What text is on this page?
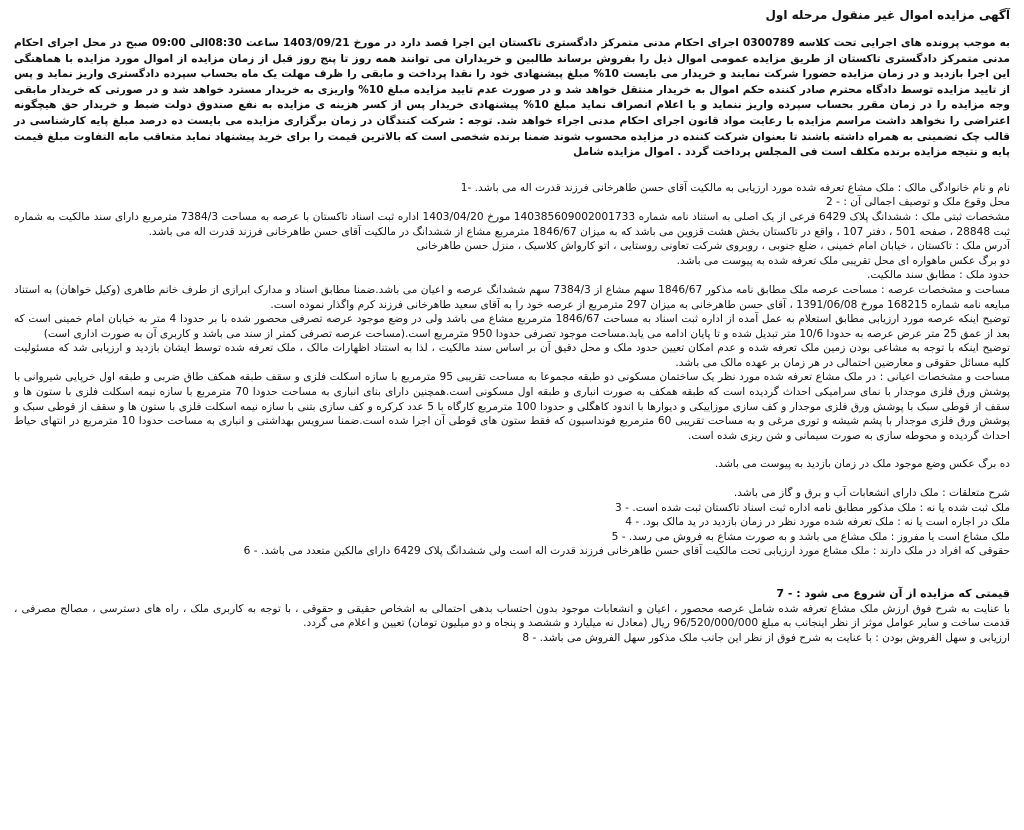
آگهی مزایده اموال غیر منقول مرحله اول

به موجب پرونده های اجرایی تحت کلاسه 0300789 اجرای احکام مدنی متمرکز دادگستری تاکستان این اجرا قصد دارد در مورخ 1403/09/21 ساعت 08:30الی 09:00 صبح در محل اجرای احکام مدنی متمرکز دادگستری تاکستان از طریق مزایده عمومی اموال ذیل را بفروش برساند طالبین و خریداران می توانند همه روز تا پنج روز قبل از زمان مزایده از اموال مورد مزایده با هماهنگی این اجرا بازدید و در زمان مزایده حضورا شرکت نمایند و خریدار می بایست 10% مبلغ پیشنهادی خود را نقدا پرداخت و مابقی را ظرف مهلت یک ماه بحساب سپرده دادگستری واریز نماید و پس از تایید مزایده توسط دادگاه محترم صادر کننده حکم اموال به خریدار منتقل خواهد شد و در صورت عدم تایید مزایده مبلغ 10% واریزی به خریدار مسترد خواهد شد و در صورتی که خریدار مابقی وجه مزایده را در زمان مقرر بحساب سپرده واریز ننماید و یا اعلام انصراف نماید مبلغ 10% پیشنهادی خریدار پس از کسر هزینه ی مزایده به نفع صندوق دولت ضبط و خریدار حق هیچگونه اعتراضی را نخواهد داشت مراسم مزایده با رعایت مواد قانون اجرای احکام مدنی اجراء خواهد شد. توجه : شرکت کنندگان در زمان برگزاری مزایده می بایست ده درصد مبلغ پایه کارشناسی در قالب چک تضمینی به همراه داشته باشند تا بعنوان شرکت کننده در مزایده محسوب شوند ضمنا برنده شخصی است که بالاترین قیمت را برای خرید پیشنهاد نماید متعاقب مابه التفاوت مبلغ قیمت پایه و نتیجه مزایده برنده مکلف است فی المجلس پرداخت گردد . اموال مزایده شامل

نام و نام خانوادگی مالک : ملک مشاع تعرفه شده مورد ارزیابی به مالکیت آقای حسن طاهرخانی فرزند قدرت اله می باشد. -1

محل وقوع ملک و توصیف اجمالی آن : - 2

مشخصات ثبتی ملک : ششدانگ پلاک 6429 فرعی از یک اصلی به استناد نامه شماره 140385609002001733 مورخ 1403/04/20 اداره ثبت اسناد تاکستان با عرصه به مساحت 7384/3 مترمربع دارای سند مالکیت به شماره ثبت 28848 ، صفحه 501 ، دفتر 107 ، واقع در تاکستان بخش هشت قزوین می باشد که به میزان 1846/67 مترمربع مشاع از ششدانگ در مالکیت آقای حسن طاهرخانی فرزند قدرت اله می باشد.

آدرس ملک : تاکستان ، خیابان امام خمینی ، ضلع جنوبی ، روبروی شرکت تعاونی روستایی ، اتو کارواش کلاسیک ، منزل حسن طاهرخانی

دو برگ عکس ماهواره ای محل تقریبی ملک تعرفه شده به پیوست می باشد.

حدود ملک : مطابق سند مالکیت.

مساحت و مشخصات عرصه : مساحت عرصه ملک مطابق نامه مذکور 1846/67 سهم مشاع از 7384/3 سهم ششدانگ عرصه و اعیان می باشد.ضمنا مطابق اسناد و مدارک ابرازی از طرف خانم طاهری (وکیل خواهان) به استناد مبایعه نامه شماره 168215 مورخ 1391/06/08 ، آقای حسن طاهرخانی به میزان 297 مترمربع از عرصه خود را به آقای سعید طاهرخانی فرزند کرم واگذار نموده است.

توضیح اینکه عرصه مورد ارزیابی مطابق استعلام به عمل آمده از اداره ثبت اسناد به مساحت 1846/67 مترمربع مشاع می باشد ولی در وضع موجود عرصه تصرفی محصور شده با بر حدودا 4 متر به خیابان امام خمینی است که بعد از عمق 25 متر عرض عرصه به حدودا 10/6 متر تبدیل شده و تا پایان ادامه می یابد.مساحت موجود تصرفی حدودا 950 مترمربع است.(مساحت عرصه تصرفی کمتر از سند می باشد و کاربری آن به صورت اداری است)

توضیح اینکه با توجه به مشاعی بودن زمین ملک تعرفه شده و عدم امکان تعیین حدود ملک و محل دقیق آن بر اساس سند مالکیت ، لذا به استناد اظهارات مالک ، ملک تعرفه شده توسط ایشان بازدید و ارزیابی شد که مسئولیت کلیه مسائل حقوقی و معارضین احتمالی در هر زمان بر عهده مالک می باشد.

مساحت و مشخصات اعیانی : در ملک مشاع تعرفه شده مورد نظر یک ساختمان مسکونی دو طبقه مجموعا به مساحت تقریبی 95 مترمربع با سازه اسکلت فلزی و سقف طبقه همکف طاق ضربی و طبقه اول خرپایی شیروانی با پوشش ورق فلزی موجدار با نمای سرامیکی احداث گردیده است که طبقه همکف به صورت انباری و طبقه اول مسکونی است.همچنین دارای بنای انباری به مساحت حدودا 70 مترمربع با سازه نیمه اسکلت فلزی با ستون ها و سقف از قوطی سبک با پوشش ورق فلزی موجدار و کف سازی موزاییکی و دیوارها با اندود کاهگلی و حدودا 100 مترمربع کارگاه با 5 عدد کرکره و کف سازی بتنی با سازه نیمه اسکلت فلزی با ستون ها و سقف از قوطی سبک و پوشش ورق فلزی موجدار با پشم شیشه و توری مرغی و به مساحت تقریبی 60 مترمربع فونداسیون که فقط ستون های قوطی آن اجرا شده است.ضمنا سرویس بهداشتی و انباری به مساحت حدودا 10 مترمربع در انتهای حیاط احداث گردیده و محوطه سازی به صورت سیمانی و شن ریزی شده است.

ده برگ عکس وضع موجود ملک در زمان بازدید به پیوست می باشد.

شرح متعلقات : ملک دارای انشعابات آب و برق و گاز می باشد.

ملک ثبت شده یا نه : ملک مذکور مطابق نامه اداره ثبت اسناد تاکستان ثبت شده است. - 3

ملک در اجاره است یا نه : ملک تعرفه شده مورد نظر در زمان بازدید در ید مالک بود. - 4

ملک مشاع است یا مفروز : ملک مشاع می باشد و به صورت مشاع به فروش می رسد. - 5

حقوقی که افراد در ملک دارند : ملک مشاع مورد ارزیابی تحت مالکیت آقای حسن طاهرخانی فرزند قدرت اله است ولی ششدانگ پلاک 6429 دارای مالکین متعدد می باشد. - 6

قیمتی که مزایده از آن شروع می شود : - 7

با عنایت به شرح فوق ارزش ملک مشاع تعرفه شده شامل عرصه محصور ، اعیان و انشعابات موجود بدون احتساب بدهی احتمالی به اشخاص حقیقی و حقوقی ، با توجه به کاربری ملک ، راه های دسترسی ، مصالح مصرفی ، قدمت ساخت و سایر عوامل موثر از نظر اینجانب به مبلغ 96/520/000/000 ریال (معادل نه میلیارد و ششصد و پنجاه و دو میلیون تومان) تعیین و اعلام می گردد.

ارزیابی و سهل الفروش بودن : با عنایت به شرح فوق از نظر این جانب ملک مذکور سهل الفروش می باشد. - 8
